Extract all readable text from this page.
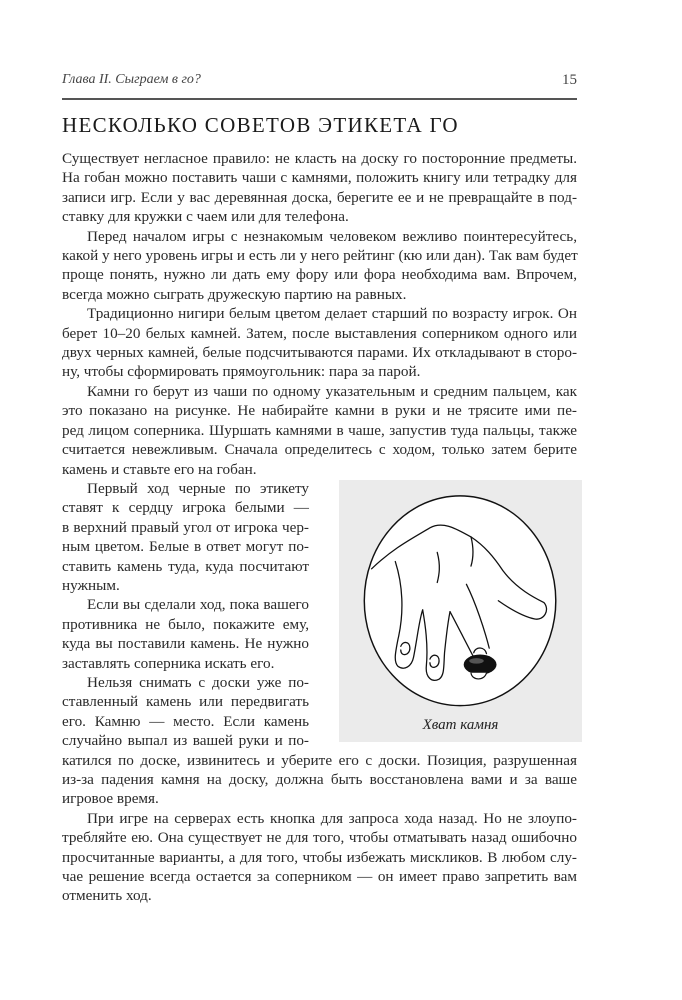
Глава II. Сыграем в го?	15
НЕСКОЛЬКО СОВЕТОВ ЭТИКЕТА ГО
Существует негласное правило: не класть на доску го посторонние предметы.
На гобан можно поставить чаши с камнями, положить книгу или тетрадку для
записи игр. Если у вас деревянная доска, берегите ее и не превращайте в под-
ставку для кружки с чаем или для телефона.
Перед началом игры с незнакомым человеком вежливо поинтересуйтесь,
какой у него уровень игры и есть ли у него рейтинг (кю или дан). Так вам будет
проще понять, нужно ли дать ему фору или фора необходима вам. Впрочем,
всегда можно сыграть дружескую партию на равных.
Традиционно нигири белым цветом делает старший по возрасту игрок. Он
берет 10–20 белых камней. Затем, после выставления соперником одного или
двух черных камней, белые подсчитываются парами. Их откладывают в сторо-
ну, чтобы сформировать прямоугольник: пара за парой.
Камни го берут из чаши по одному указательным и средним пальцем, как
это показано на рисунке. Не набирайте камни в руки и не трясите ими пе-
ред лицом соперника. Шуршать камнями в чаше, запустив туда пальцы, также
считается невежливым. Сначала определитесь с ходом, только затем берите
камень и ставьте его на гобан.
Первый ход черные по этикету
ставят к сердцу игрока белыми —
в верхний правый угол от игрока чер-
ным цветом. Белые в ответ могут по-
ставить камень туда, куда посчитают
нужным.
Если вы сделали ход, пока вашего
противника не было, покажите ему,
куда вы поставили камень. Не нужно
заставлять соперника искать его.
Нельзя снимать с доски уже по-
ставленный камень или передвигать
его. Камню — место. Если камень
случайно выпал из вашей руки и по-
катился по доске, извинитесь и уберите его с доски. Позиция, разрушенная
из-за падения камня на доску, должна быть восстановлена вами и за ваше
игровое время.
При игре на серверах есть кнопка для запроса хода назад. Но не злоупо-
требляйте ею. Она существует не для того, чтобы отматывать назад ошибочно
просчитанные варианты, а для того, чтобы избежать мискликов. В любом слу-
чае решение всегда остается за соперником — он имеет право запретить вам
отменить ход.
Хват камня
